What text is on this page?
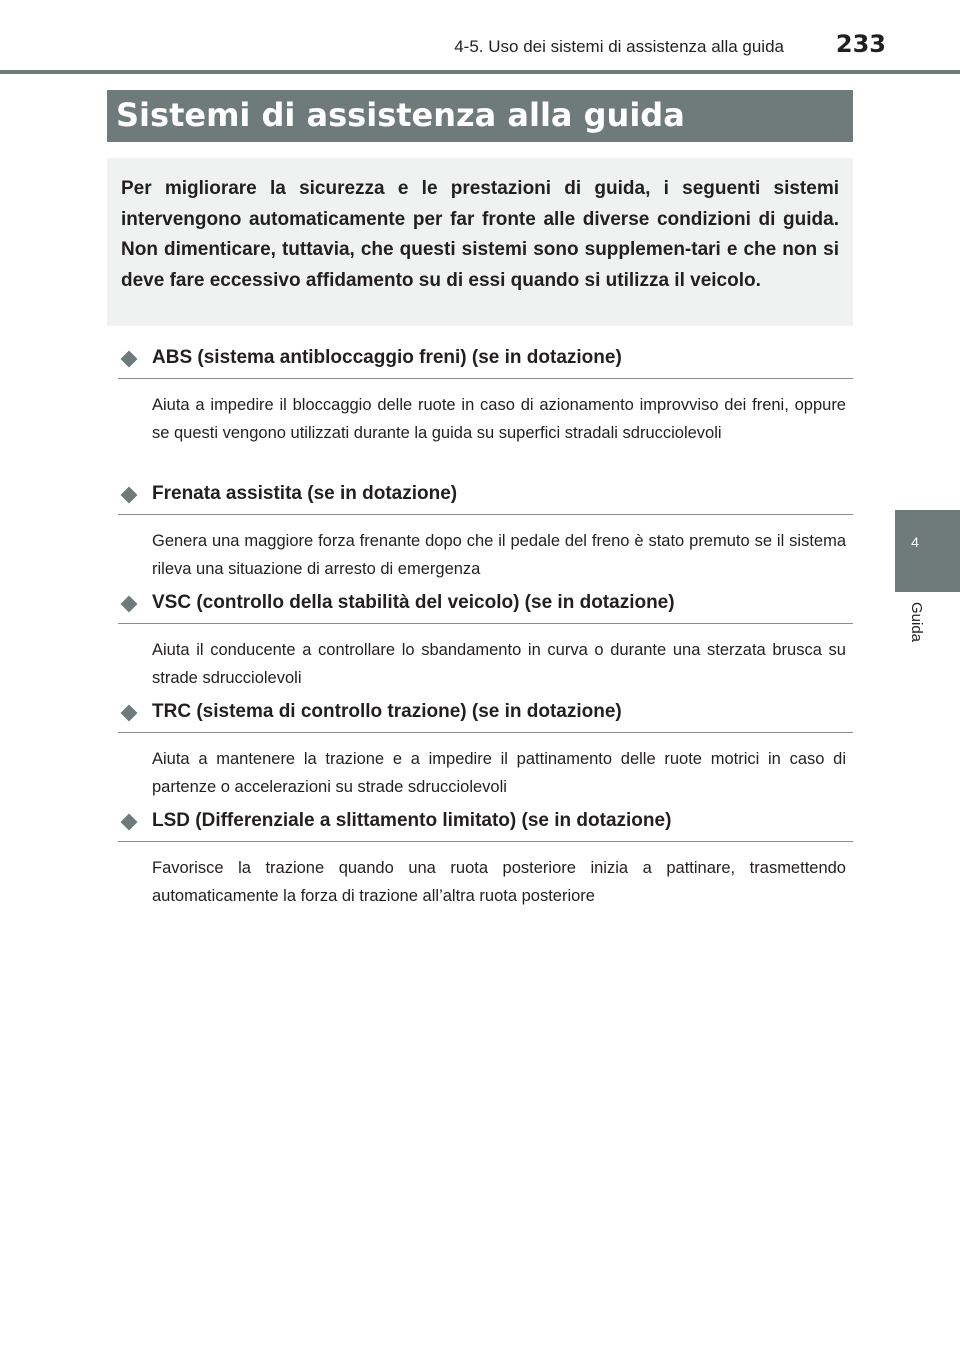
4-5. Uso dei sistemi di assistenza alla guida	233
4
Guida
Sistemi di assistenza alla guida
Per migliorare la sicurezza e le prestazioni di guida, i seguenti sistemi intervengono automaticamente per far fronte alle diverse condizioni di guida. Non dimenticare, tuttavia, che questi sistemi sono supplemen-tari e che non si deve fare eccessivo affidamento su di essi quando si utilizza il veicolo.
ABS (sistema antibloccaggio freni) (se in dotazione)
Aiuta a impedire il bloccaggio delle ruote in caso di azionamento improvviso dei freni, oppure se questi vengono utilizzati durante la guida su superfici stradali sdrucciolevoli
Frenata assistita (se in dotazione)
Genera una maggiore forza frenante dopo che il pedale del freno è stato premuto se il sistema rileva una situazione di arresto di emergenza
VSC (controllo della stabilità del veicolo) (se in dotazione)
Aiuta il conducente a controllare lo sbandamento in curva o durante una sterzata brusca su strade sdrucciolevoli
TRC (sistema di controllo trazione) (se in dotazione)
Aiuta a mantenere la trazione e a impedire il pattinamento delle ruote motrici in caso di partenze o accelerazioni su strade sdrucciolevoli
LSD (Differenziale a slittamento limitato) (se in dotazione)
Favorisce la trazione quando una ruota posteriore inizia a pattinare, trasmettendo automaticamente la forza di trazione all’altra ruota posteriore
